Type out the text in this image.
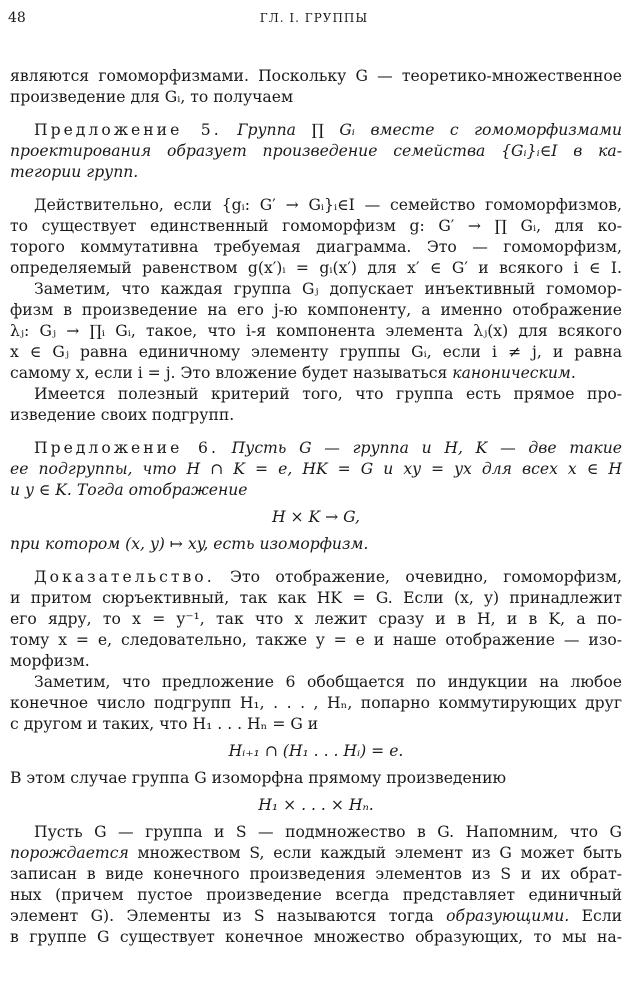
48	ГЛ. I. ГРУППЫ
являются гомоморфизмами. Поскольку G — теоретико-множественное
произведение для Gᵢ, то получаем
Предложение 5. Группа ∏ Gᵢ вместе с гомоморфизмами
проектирования образует произведение семейства {Gᵢ}ᵢ∈I в ка-
тегории групп.
Действительно, если {gᵢ: G′ → Gᵢ}ᵢ∈I — семейство гомоморфизмов,
то существует единственный гомоморфизм g: G′ → ∏ Gᵢ, для ко-
торого коммутативна требуемая диаграмма. Это — гомоморфизм,
определяемый равенством g(x′)ᵢ = gᵢ(x′) для x′ ∈ G′ и всякого i ∈ I.
Заметим, что каждая группа Gⱼ допускает инъективный гомомор-
физм в произведение на его j-ю компоненту, а именно отображение
λⱼ: Gⱼ → ∏ᵢ Gᵢ, такое, что i-я компонента элемента λⱼ(x) для всякого
x ∈ Gⱼ равна единичному элементу группы Gᵢ, если i ≠ j, и равна
самому x, если i = j. Это вложение будет называться каноническим.
Имеется полезный критерий того, что группа есть прямое про-
изведение своих подгрупп.
Предложение 6. Пусть G — группа и H, K — две такие
ее подгруппы, что H ∩ K = e, HK = G и xy = yx для всех x ∈ H
и y ∈ K. Тогда отображение
H × K → G,
при котором (x, y) ↦ xy, есть изоморфизм.
Доказательство. Это отображение, очевидно, гомоморфизм,
и притом сюръективный, так как HK = G. Если (x, y) принадлежит
его ядру, то x = y⁻¹, так что x лежит сразу и в H, и в K, а по-
тому x = e, следовательно, также y = e и наше отображение — изо-
морфизм.
Заметим, что предложение 6 обобщается по индукции на любое
конечное число подгрупп H₁, . . . , Hₙ, попарно коммутирующих друг
с другом и таких, что H₁ . . . Hₙ = G и
Hᵢ₊₁ ∩ (H₁ . . . Hᵢ) = e.
В этом случае группа G изоморфна прямому произведению
H₁ × . . . × Hₙ.
Пусть G — группа и S — подмножество в G. Напомним, что G
порождается множеством S, если каждый элемент из G может быть
записан в виде конечного произведения элементов из S и их обрат-
ных (причем пустое произведение всегда представляет единичный
элемент G). Элементы из S называются тогда образующими. Если
в группе G существует конечное множество образующих, то мы на-
